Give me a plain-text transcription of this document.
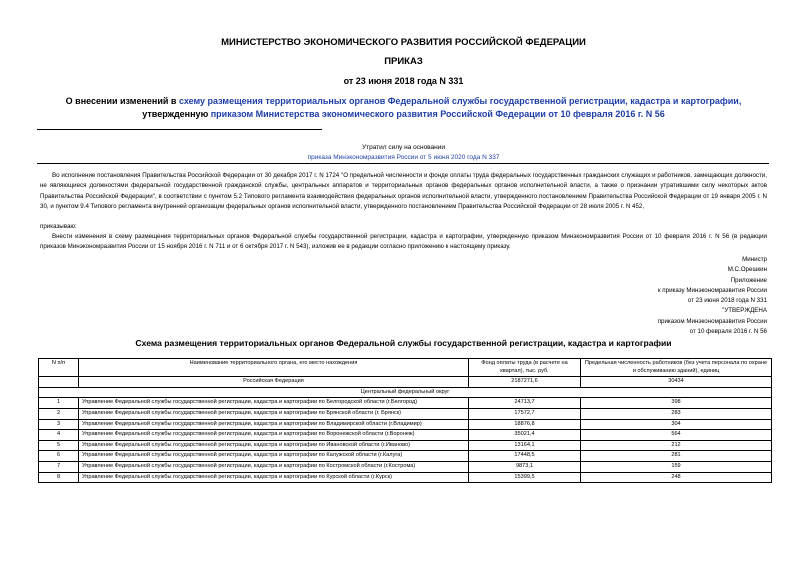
МИНИСТЕРСТВО ЭКОНОМИЧЕСКОГО РАЗВИТИЯ РОССИЙСКОЙ ФЕДЕРАЦИИ
ПРИКАЗ
от 23 июня 2018 года N 331
О внесении изменений в схему размещения территориальных органов Федеральной службы государственной регистрации, кадастра и картографии,
утвержденную приказом Министерства экономического развития Российской Федерации от 10 февраля 2016 г. N 56
Утратил силу на основании
приказа Минэкономразвития России от 5 июня 2020 года N 337
Во исполнение постановления Правительства Российской Федерации от 30 декабря 2017 г. N 1724 "О предельной численности и фонде оплаты труда федеральных государственных гражданских служащих и работников, замещающих должности, не являющиеся должностями федеральной государственной гражданской службы, центральных аппаратов и территориальных органов федеральных органов исполнительной власти, а также о признании утратившими силу некоторых актов Правительства Российской Федерации", в соответствии с пунктом 5.2 Типового регламента взаимодействия федеральных органов исполнительной власти, утвержденного постановлением Правительства Российской Федерации от 19 января 2005 г. N 30, и пунктом 9.4 Типового регламента внутренней организации федеральных органов исполнительной власти, утвержденного постановлением Правительства Российской Федерации от 28 июля 2005 г. N 452,
приказываю:
Внести изменения в схему размещения территориальных органов Федеральной службы государственной регистрации, кадастра и картографии, утвержденную приказом Минэкономразвития России от 10 февраля 2016 г. N 56 (в редакции приказов Минэкономразвития России от 15 ноября 2016 г. N 711 и от 6 октября 2017 г. N 543), изложив ее в редакции согласно приложению к настоящему приказу.
Министр
М.С.Орешкин
Приложение
к приказу Минэкономразвития России
от 23 июня 2018 года N 331
"УТВЕРЖДЕНА
приказом Минэкономразвития России
от 10 февраля 2016 г. N 56
Схема размещения территориальных органов Федеральной службы государственной регистрации, кадастра и картографии
N п/п	Наименование территориального органа, его место нахождения	Фонд оплаты труда (в расчете на квартал), тыс. руб.	Предельная численность работников (без учета персонала по охране и обслуживанию зданий), единиц
	Российская Федерация	2187271,6	30434
Центральный федеральный округ			
1	Управление Федеральной службы государственной регистрации, кадастра и картографии по Белгородской области (г.Белгород)	24713,7	398
2	Управление Федеральной службы государственной регистрации, кадастра и картографии по Брянской области (г. Брянск)	17572,7	283
3	Управление Федеральной службы государственной регистрации, кадастра и картографии по Владимирской области (г.Владимир)	18876,8	304
4	Управление Федеральной службы государственной регистрации, кадастра и картографии по Воронежской области (г.Воронеж)	35021,4	564
5	Управление Федеральной службы государственной регистрации, кадастра и картографии по Ивановской области (г.Иваново)	13164,1	212
6	Управление Федеральной службы государственной регистрации, кадастра и картографии по Калужской области (г.Калуга)	17448,5	281
7	Управление Федеральной службы государственной регистрации, кадастра и картографии по Костромской области (г.Кострома)	9873,1	159
8	Управление Федеральной службы государственной регистрации, кадастра и картографии по Курской области (г.Курск)	15399,5	248
